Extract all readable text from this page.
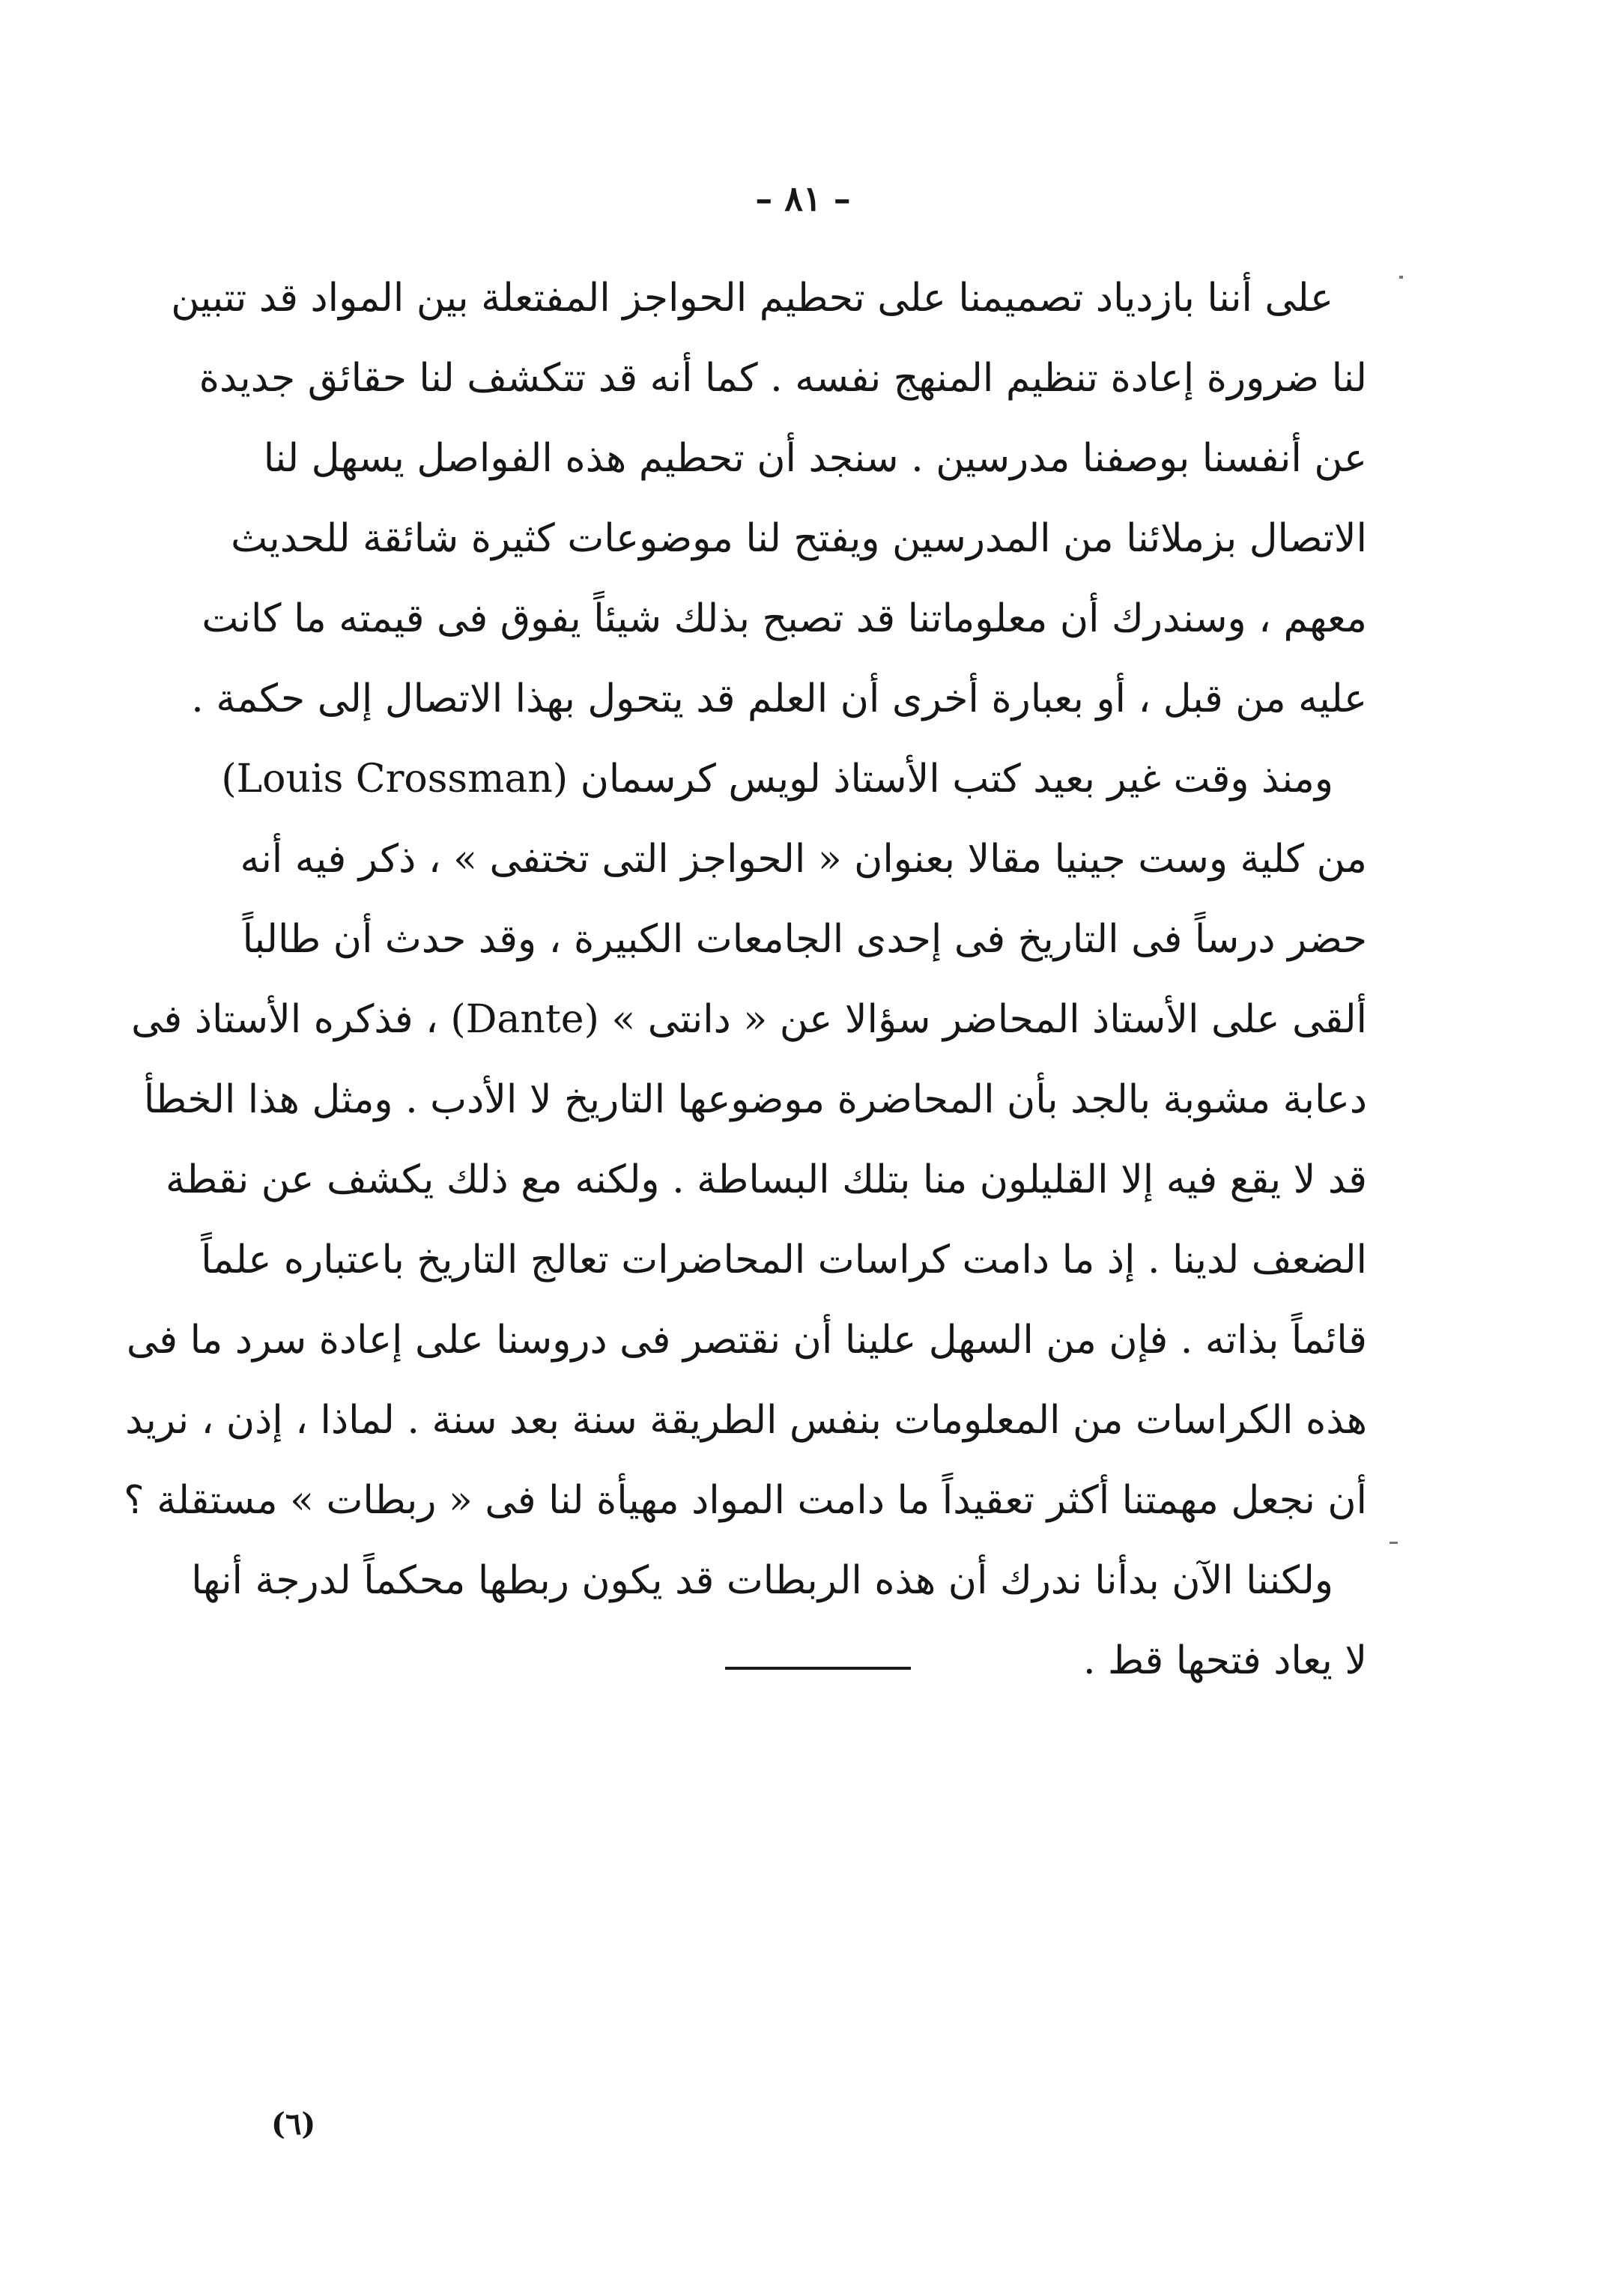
– ٨١ –

على أننا بازدياد تصميمنا على تحطيم الحواجز المفتعلة بين المواد قد تتبين
لنا ضرورة إعادة تنظيم المنهج نفسه . كما أنه قد تتكشف لنا حقائق جديدة
عن أنفسنا بوصفنا مدرسين . سنجد أن تحطيم هذه الفواصل يسهل لنا
الاتصال بزملائنا من المدرسين ويفتح لنا موضوعات كثيرة شائقة للحديث
معهم ، وسندرك أن معلوماتنا قد تصبح بذلك شيئاً يفوق فى قيمته ما كانت
عليه من قبل ، أو بعبارة أخرى أن العلم قد يتحول بهذا الاتصال إلى حكمة .

ومنذ وقت غير بعيد كتب الأستاذ لويس كرسمان (Louis Crossman)
من كلية وست جينيا مقالا بعنوان « الحواجز التى تختفى » ، ذكر فيه أنه
حضر درساً فى التاريخ فى إحدى الجامعات الكبيرة ، وقد حدث أن طالباً
ألقى على الأستاذ المحاضر سؤالا عن « دانتى » (Dante) ، فذكره الأستاذ فى
دعابة مشوبة بالجد بأن المحاضرة موضوعها التاريخ لا الأدب . ومثل هذا الخطأ
قد لا يقع فيه إلا القليلون منا بتلك البساطة . ولكنه مع ذلك يكشف عن نقطة
الضعف لدينا . إذ ما دامت كراسات المحاضرات تعالج التاريخ باعتباره علماً
قائماً بذاته . فإن من السهل علينا أن نقتصر فى دروسنا على إعادة سرد ما فى
هذه الكراسات من المعلومات بنفس الطريقة سنة بعد سنة . لماذا ، إذن ، نريد
أن نجعل مهمتنا أكثر تعقيداً ما دامت المواد مهيأة لنا فى « ربطات » مستقلة ؟

ولكننا الآن بدأنا ندرك أن هذه الربطات قد يكون ربطها محكماً لدرجة أنها
لا يعاد فتحها قط .

(٦)
